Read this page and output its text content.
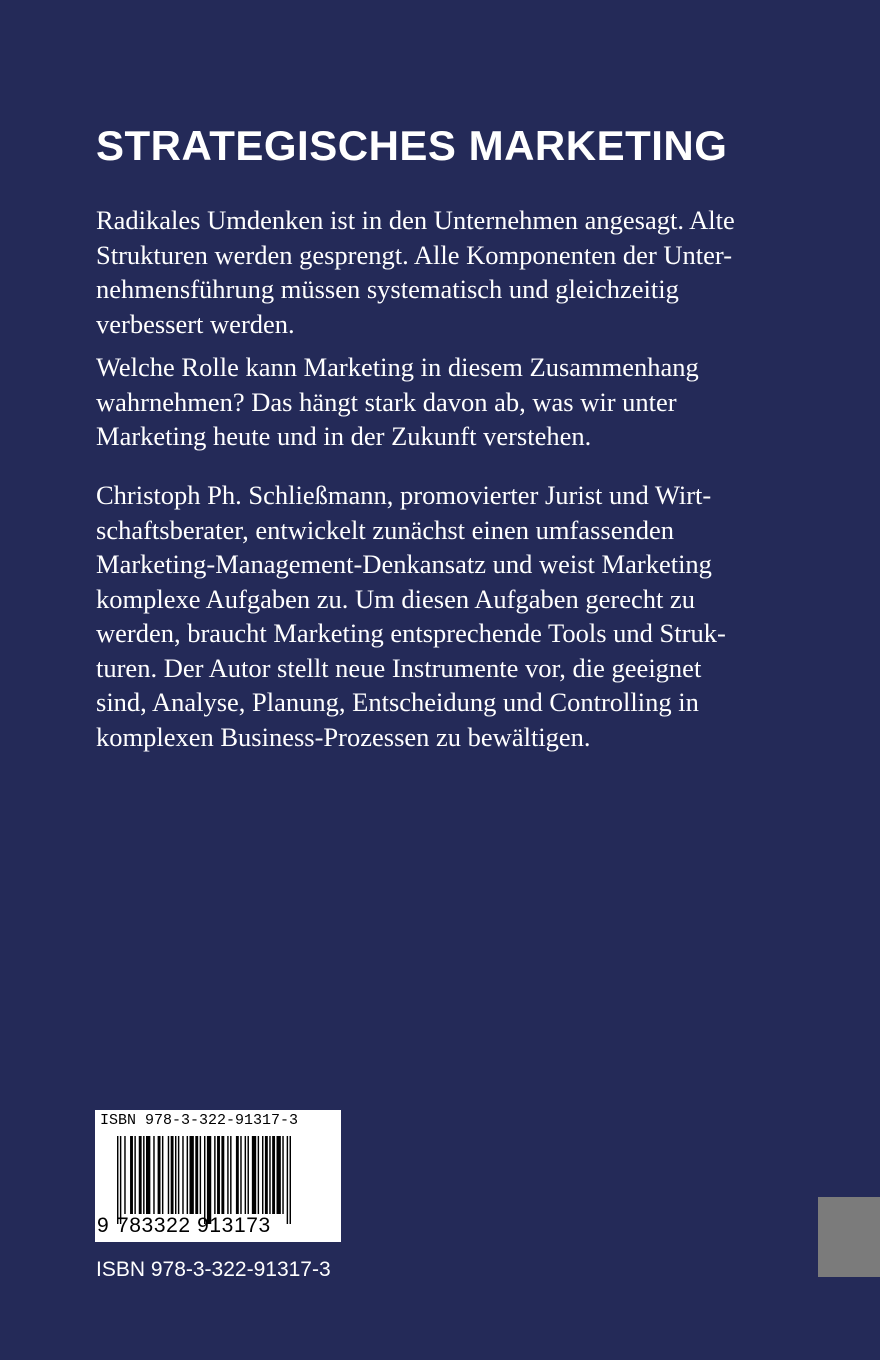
STRATEGISCHES MARKETING

Radikales Umdenken ist in den Unternehmen angesagt. Alte
Strukturen werden gesprengt. Alle Komponenten der Unter-
nehmensführung müssen systematisch und gleichzeitig
verbessert werden.

Welche Rolle kann Marketing in diesem Zusammenhang
wahrnehmen? Das hängt stark davon ab, was wir unter
Marketing heute und in der Zukunft verstehen.

Christoph Ph. Schließmann, promovierter Jurist und Wirt-
schaftsberater, entwickelt zunächst einen umfassenden
Marketing-Management-Denkansatz und weist Marketing
komplexe Aufgaben zu. Um diesen Aufgaben gerecht zu
werden, braucht Marketing entsprechende Tools und Struk-
turen. Der Autor stellt neue Instrumente vor, die geeignet
sind, Analyse, Planung, Entscheidung und Controlling in
komplexen Business-Prozessen zu bewältigen.

ISBN 978-3-322-91317-3
9 783322 913173
ISBN 978-3-322-91317-3
